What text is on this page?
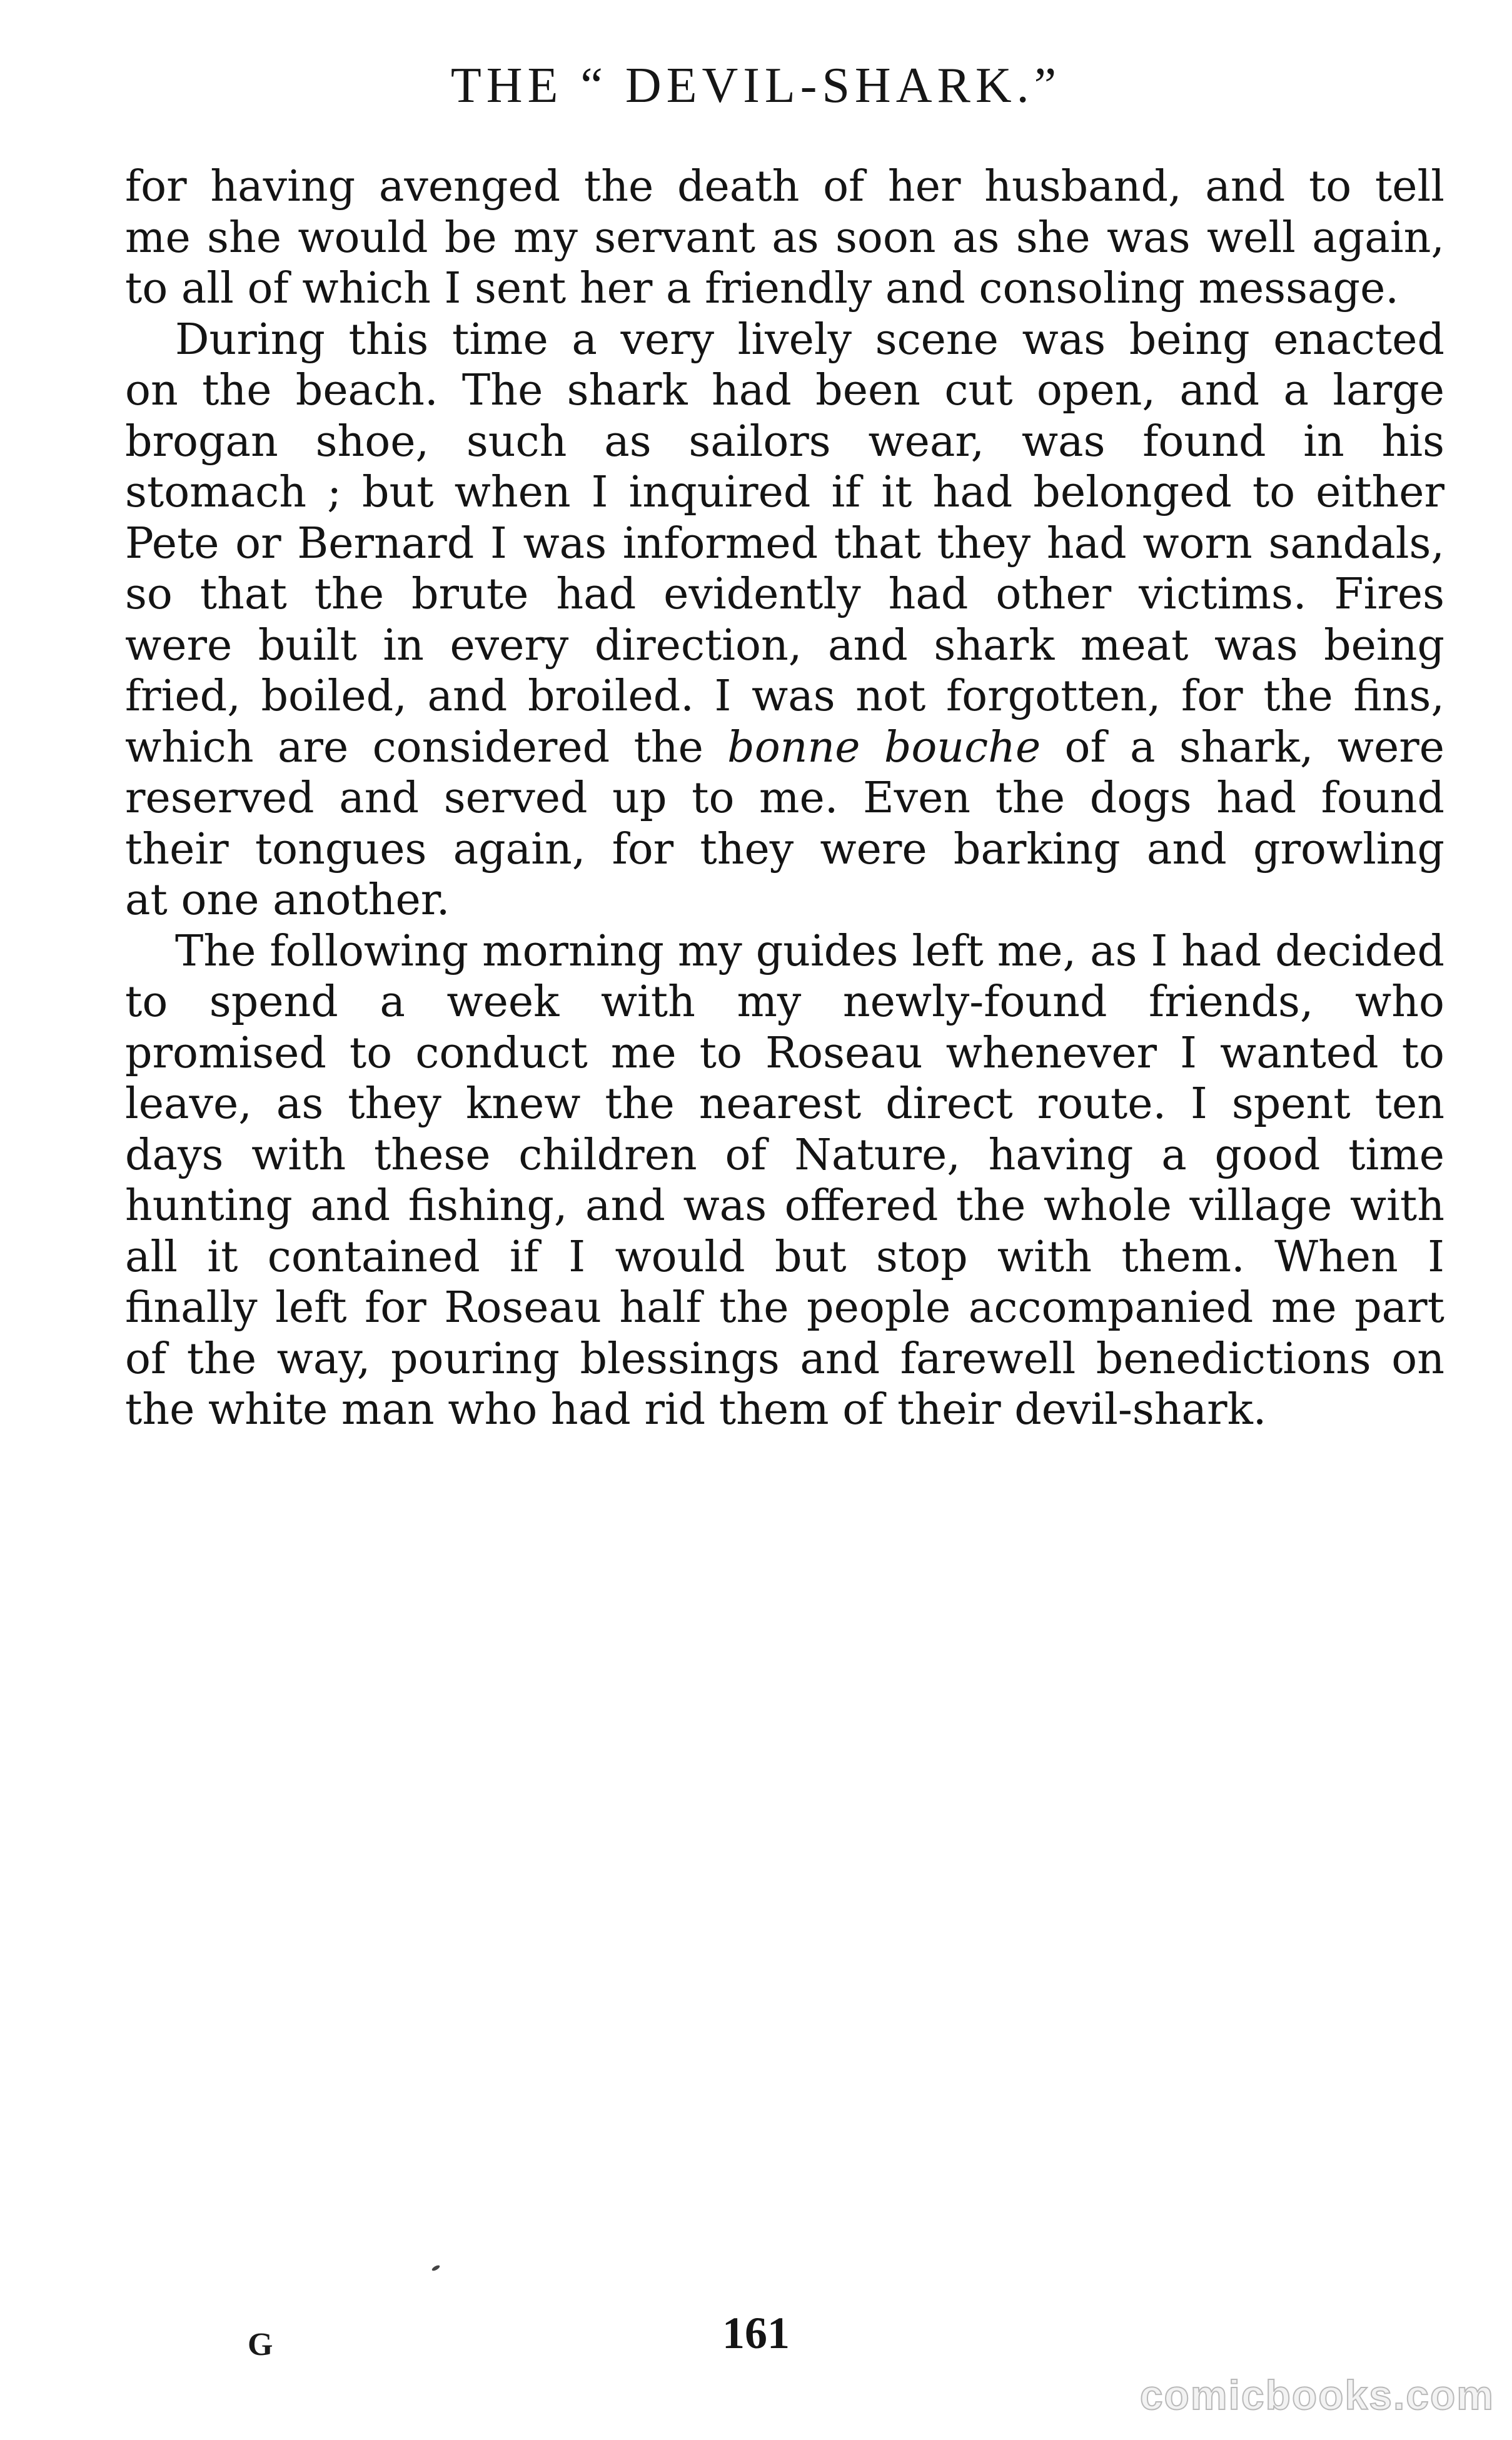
THE “ DEVIL-SHARK.”
for having avenged the death of her husband, and to tell
me she would be my servant as soon as she was well again,
to all of which I sent her a friendly and consoling message.
During this time a very lively scene was being enacted
on the beach. The shark had been cut open, and a large
brogan shoe, such as sailors wear, was found in his
stomach ; but when I inquired if it had belonged to either
Pete or Bernard I was informed that they had worn sandals,
so that the brute had evidently had other victims. Fires
were built in every direction, and shark meat was being
fried, boiled, and broiled. I was not forgotten, for the fins,
which are considered the bonne bouche of a shark, were
reserved and served up to me. Even the dogs had found
their tongues again, for they were barking and growling
at one another.
The following morning my guides left me, as I had decided
to spend a week with my newly-found friends, who
promised to conduct me to Roseau whenever I wanted to
leave, as they knew the nearest direct route. I spent ten
days with these children of Nature, having a good time
hunting and fishing, and was offered the whole village with
all it contained if I would but stop with them. When I
finally left for Roseau half the people accompanied me part
of the way, pouring blessings and farewell benedictions on
the white man who had rid them of their devil-shark.
G	161
comicbooks.com
